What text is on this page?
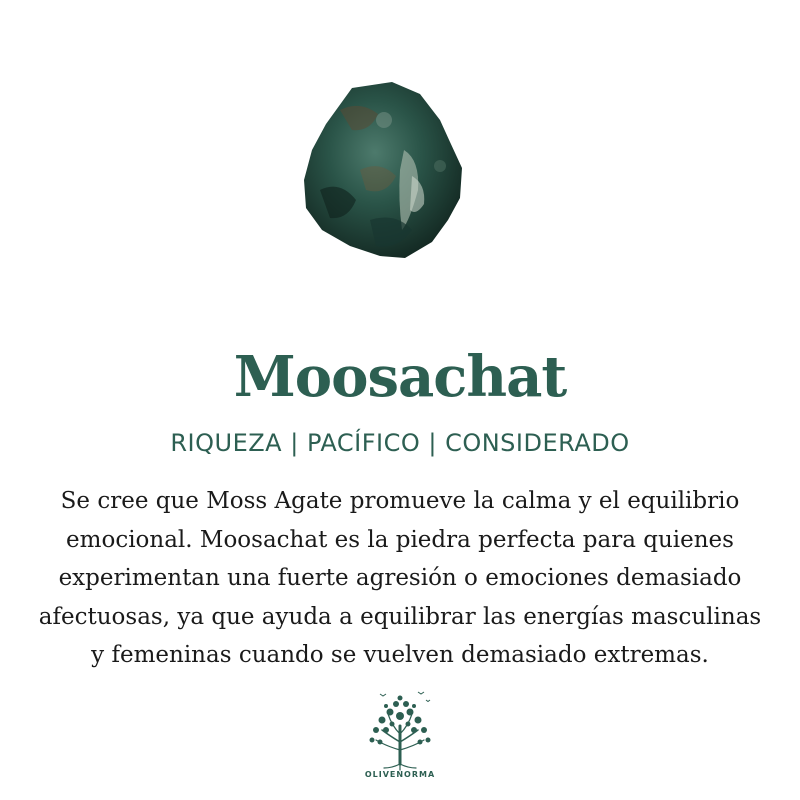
Moosachat
RIQUEZA | PACÍFICO | CONSIDERADO
Se cree que Moss Agate promueve la calma y el equilibrio
emocional. Moosachat es la piedra perfecta para quienes
experimentan una fuerte agresión o emociones demasiado
afectuosas, ya que ayuda a equilibrar las energías masculinas
y femeninas cuando se vuelven demasiado extremas.
OLIVENORMA
